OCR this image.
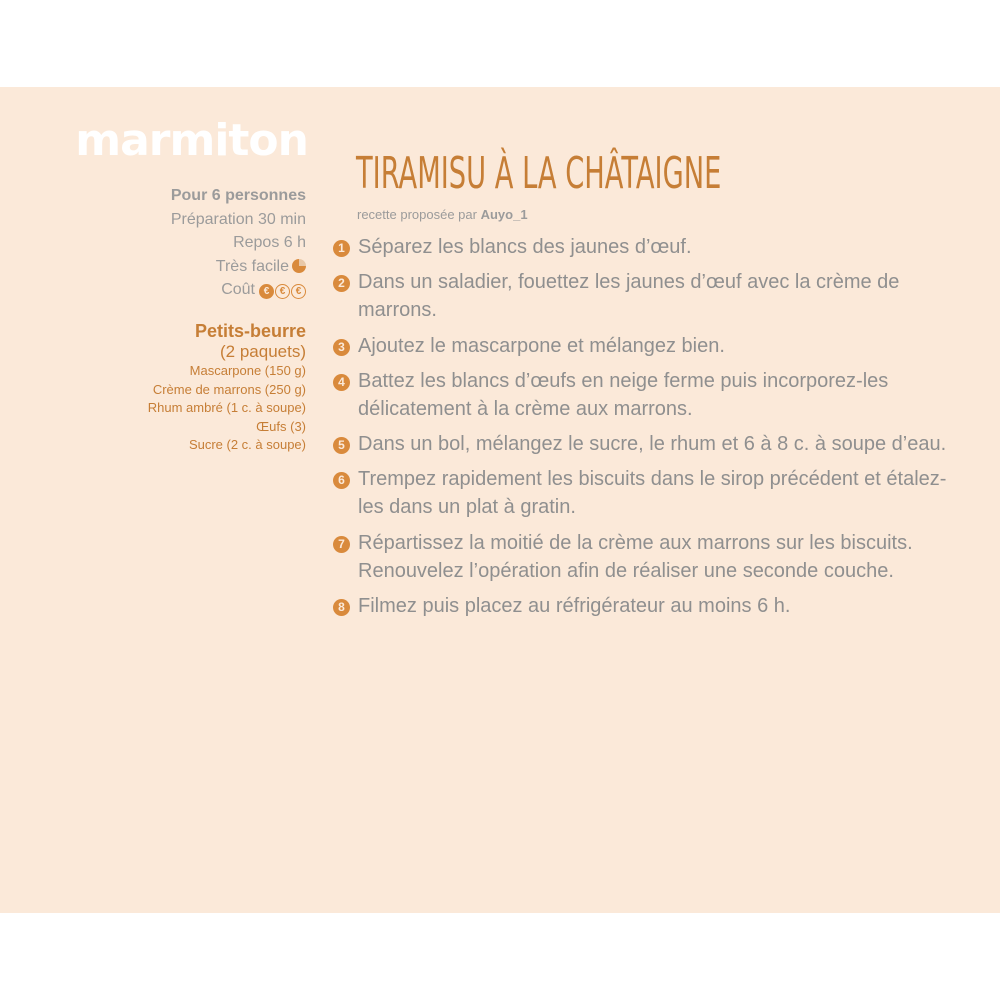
marmiton
Pour 6 personnes
Préparation 30 min
Repos 6 h
Très facile
Coût € € €
Petits-beurre
(2 paquets)
Mascarpone (150 g)
Crème de marrons (250 g)
Rhum ambré (1 c. à soupe)
Œufs (3)
Sucre (2 c. à soupe)
TIRAMISU À LA CHÂTAIGNE
recette proposée par Auyo_1
1 Séparez les blancs des jaunes d’œuf.
2 Dans un saladier, fouettez les jaunes d’œuf avec la crème de marrons.
3 Ajoutez le mascarpone et mélangez bien.
4 Battez les blancs d’œufs en neige ferme puis incorporez-les délicatement à la crème aux marrons.
5 Dans un bol, mélangez le sucre, le rhum et 6 à 8 c. à soupe d’eau.
6 Trempez rapidement les biscuits dans le sirop précédent et étalez-les dans un plat à gratin.
7 Répartissez la moitié de la crème aux marrons sur les biscuits. Renouvelez l’opération afin de réaliser une seconde couche.
8 Filmez puis placez au réfrigérateur au moins 6 h.
